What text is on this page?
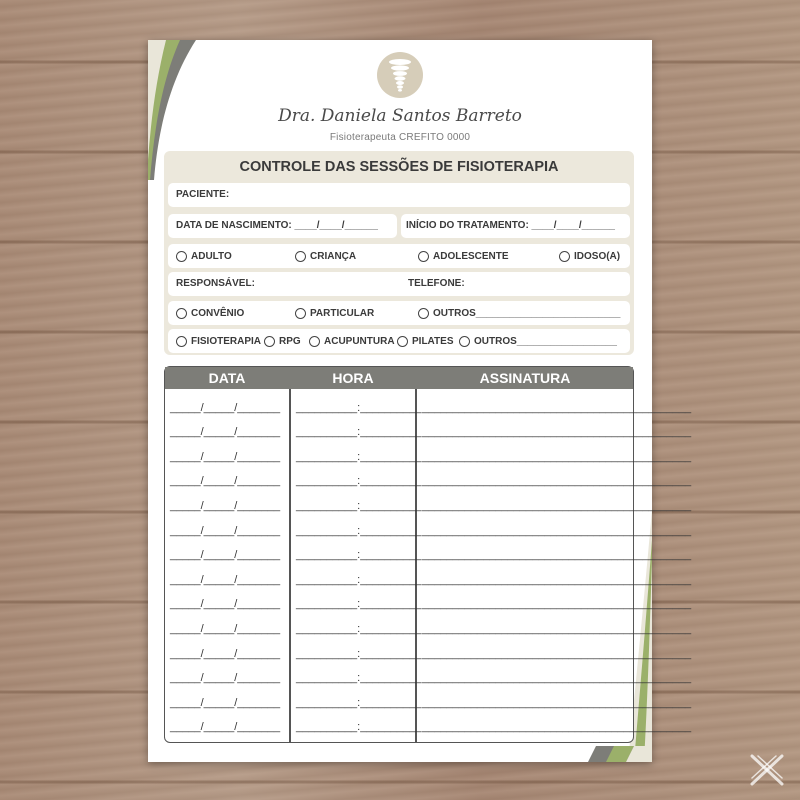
Dra. Daniela Santos Barreto
Fisioterapeuta CREFITO 0000
CONTROLE DAS SESSÕES DE FISIOTERAPIA
PACIENTE:
DATA DE NASCIMENTO: ____/____/______	INÍCIO DO TRATAMENTO: ____/____/______
ADULTO	CRIANÇA	ADOLESCENTE	IDOSO(A)
RESPONSÁVEL:	TELEFONE:
CONVÊNIO	PARTICULAR	OUTROS__________________________
FISIOTERAPIA RPG ACUPUNTURA PILATES OUTROS__________________
DATA	HORA	ASSINATURA
_____/_____/_______ __________:__________ ____________________________________________
_____/_____/_______ __________:__________ ____________________________________________
_____/_____/_______ __________:__________ ____________________________________________
_____/_____/_______ __________:__________ ____________________________________________
_____/_____/_______ __________:__________ ____________________________________________
_____/_____/_______ __________:__________ ____________________________________________
_____/_____/_______ __________:__________ ____________________________________________
_____/_____/_______ __________:__________ ____________________________________________
_____/_____/_______ __________:__________ ____________________________________________
_____/_____/_______ __________:__________ ____________________________________________
_____/_____/_______ __________:__________ ____________________________________________
_____/_____/_______ __________:__________ ____________________________________________
_____/_____/_______ __________:__________ ____________________________________________
_____/_____/_______ __________:__________ ____________________________________________
